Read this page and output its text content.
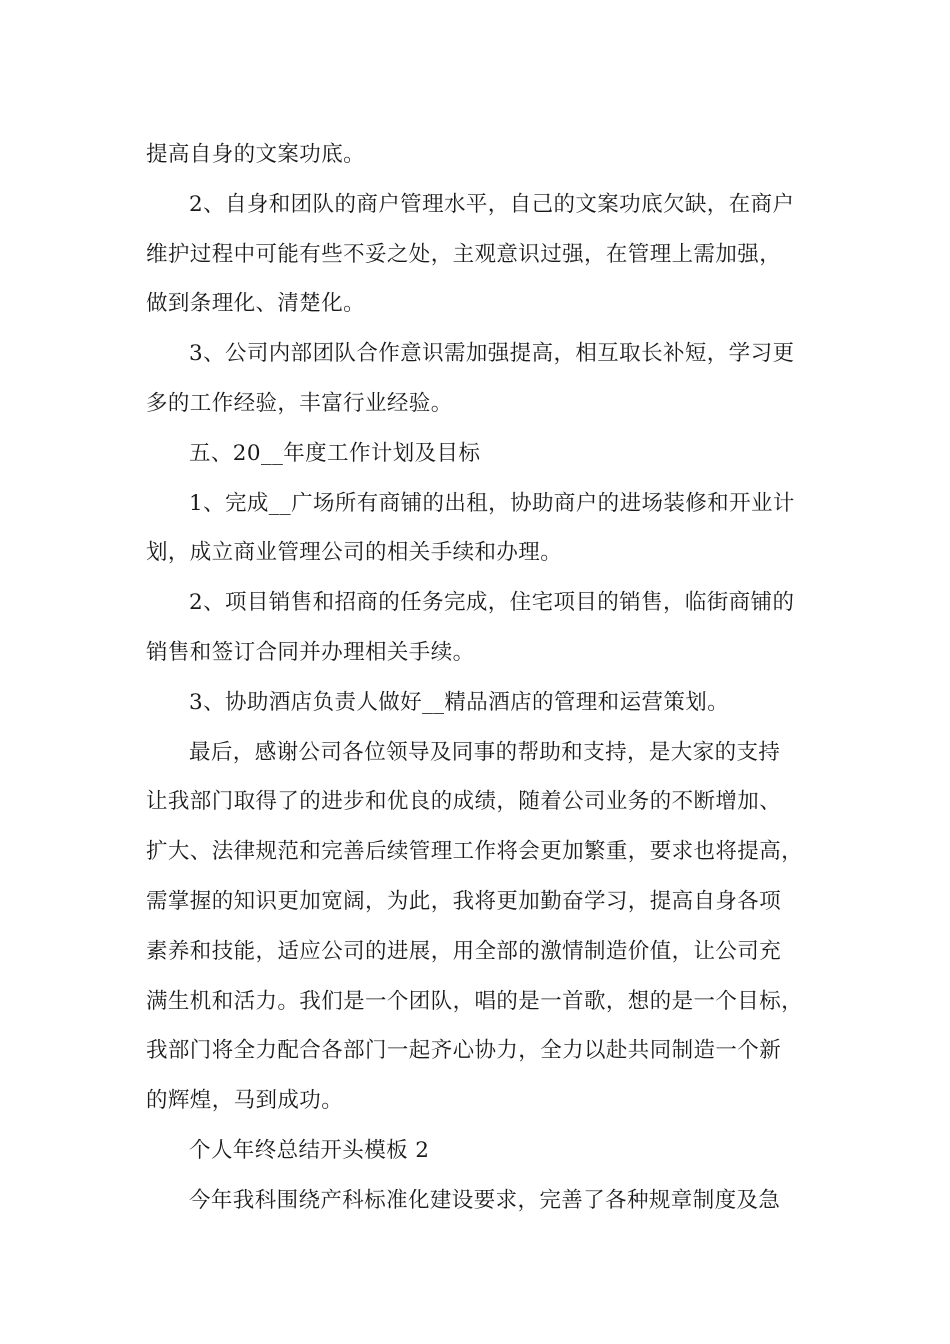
提高自身的文案功底。
2、自身和团队的商户管理水平，自己的文案功底欠缺，在商户
维护过程中可能有些不妥之处，主观意识过强，在管理上需加强，
做到条理化、清楚化。
3、公司内部团队合作意识需加强提高，相互取长补短，学习更
多的工作经验，丰富行业经验。
五、20__年度工作计划及目标
1、完成__广场所有商铺的出租，协助商户的进场装修和开业计
划，成立商业管理公司的相关手续和办理。
2、项目销售和招商的任务完成，住宅项目的销售，临街商铺的
销售和签订合同并办理相关手续。
3、协助酒店负责人做好__精品酒店的管理和运营策划。
最后，感谢公司各位领导及同事的帮助和支持，是大家的支持
让我部门取得了的进步和优良的成绩，随着公司业务的不断增加、
扩大、法律规范和完善后续管理工作将会更加繁重，要求也将提高，
需掌握的知识更加宽阔，为此，我将更加勤奋学习，提高自身各项
素养和技能，适应公司的进展，用全部的激情制造价值，让公司充
满生机和活力。我们是一个团队，唱的是一首歌，想的是一个目标，
我部门将全力配合各部门一起齐心协力，全力以赴共同制造一个新
的辉煌，马到成功。
个人年终总结开头模板 2
今年我科围绕产科标准化建设要求，完善了各种规章制度及急
